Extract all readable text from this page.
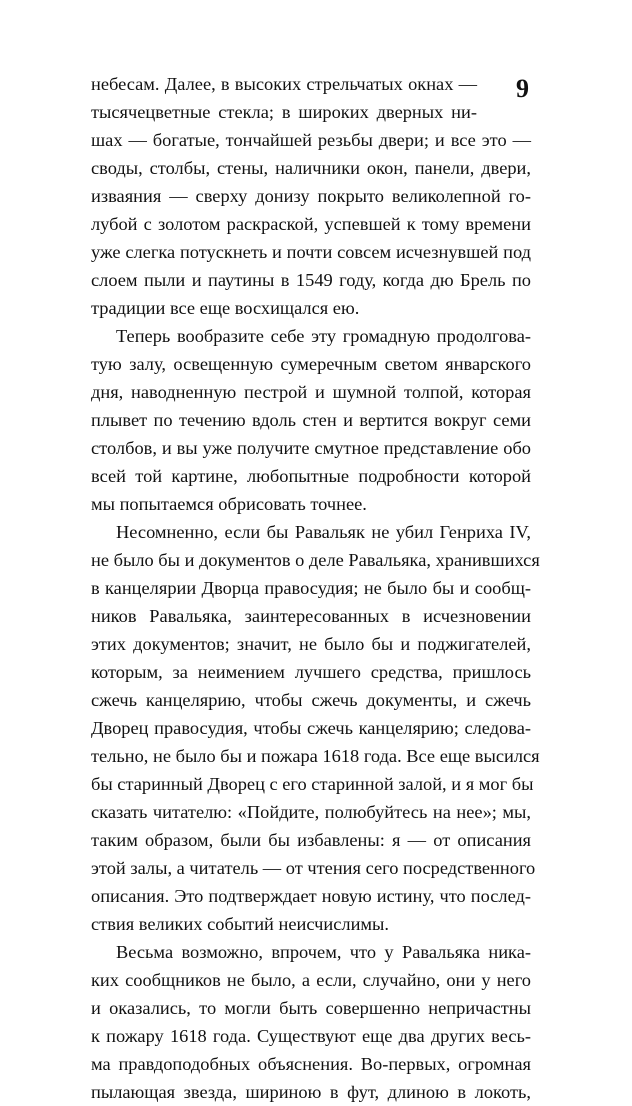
9
небесам. Далее, в высоких стрельчатых окнах —
тысячецветные стекла; в широких дверных ни-
шах — богатые, тончайшей резьбы двери; и все это —
своды, столбы, стены, наличники окон, панели, двери,
изваяния — сверху донизу покрыто великолепной го-
лубой с золотом раскраской, успевшей к тому времени
уже слегка потускнеть и почти совсем исчезнувшей под
слоем пыли и паутины в 1549 году, когда дю Брель по
традиции все еще восхищался ею.
Теперь вообразите себе эту громадную продолгова-
тую залу, освещенную сумеречным светом январского
дня, наводненную пестрой и шумной толпой, которая
плывет по течению вдоль стен и вертится вокруг семи
столбов, и вы уже получите смутное представление обо
всей той картине, любопытные подробности которой
мы попытаемся обрисовать точнее.
Несомненно, если бы Равальяк не убил Генриха IV,
не было бы и документов о деле Равальяка, хранившихся
в канцелярии Дворца правосудия; не было бы и сообщ-
ников Равальяка, заинтересованных в исчезновении
этих документов; значит, не было бы и поджигателей,
которым, за неимением лучшего средства, пришлось
сжечь канцелярию, чтобы сжечь документы, и сжечь
Дворец правосудия, чтобы сжечь канцелярию; следова-
тельно, не было бы и пожара 1618 года. Все еще высился
бы старинный Дворец с его старинной залой, и я мог бы
сказать читателю: «Пойдите, полюбуйтесь на нее»; мы,
таким образом, были бы избавлены: я — от описания
этой залы, а читатель — от чтения сего посредственного
описания. Это подтверждает новую истину, что послед-
ствия великих событий неисчислимы.
Весьма возможно, впрочем, что у Равальяка ника-
ких сообщников не было, а если, случайно, они у него
и оказались, то могли быть совершенно непричастны
к пожару 1618 года. Существуют еще два других весь-
ма правдоподобных объяснения. Во-первых, огромная
пылающая звезда, шириною в фут, длиною в локоть,
